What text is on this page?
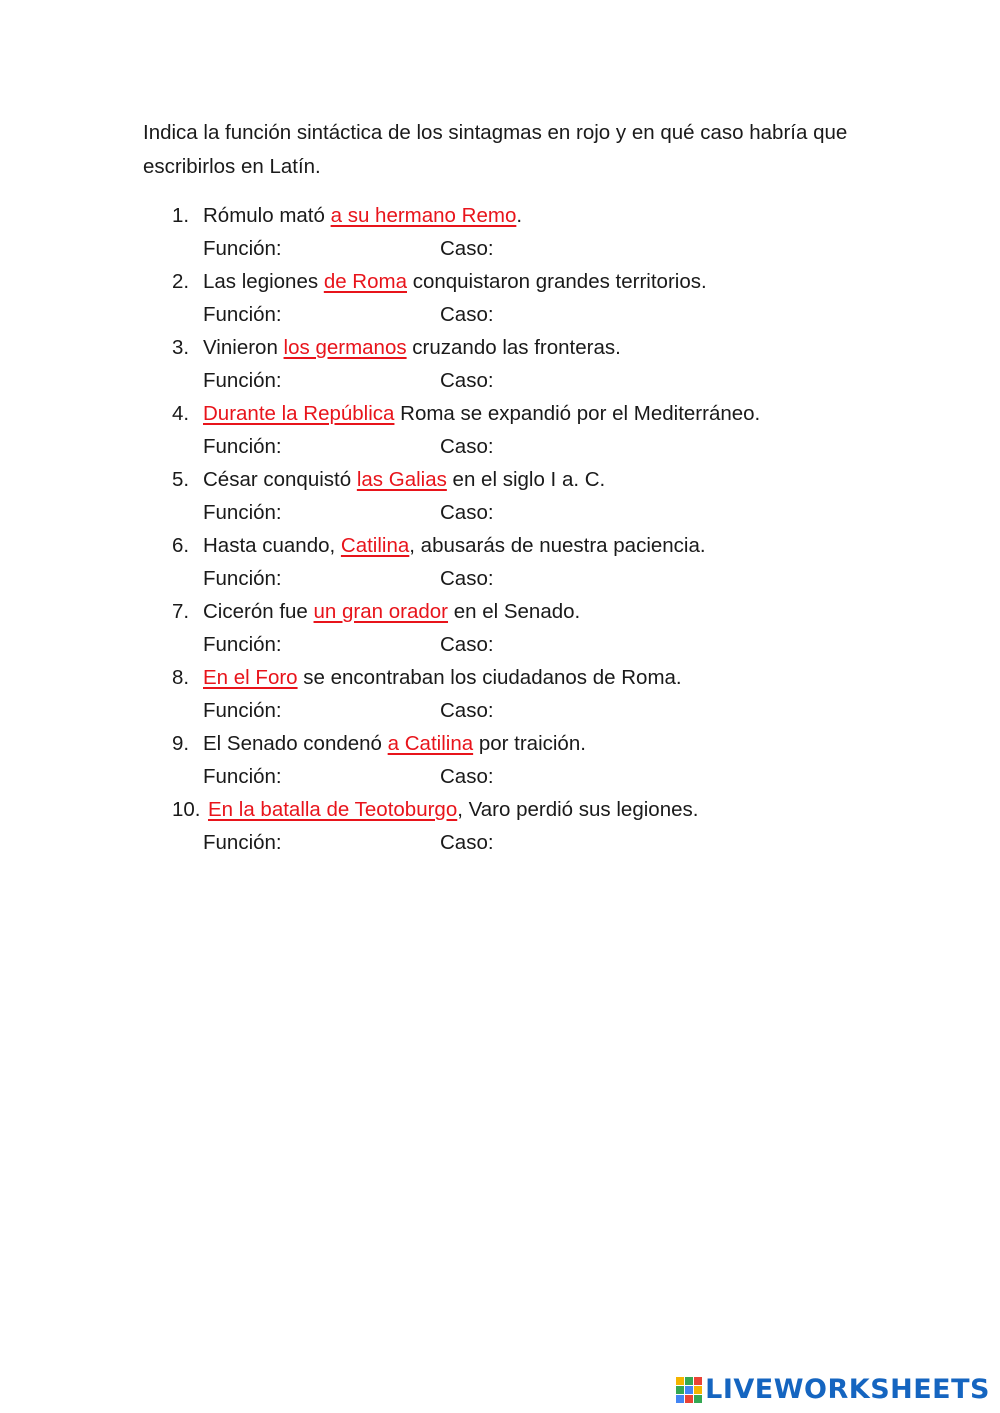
Indica la función sintáctica de los sintagmas en rojo y en qué caso habría que escribirlos en Latín.

1. Rómulo mató a su hermano Remo.
Función:	Caso:
2. Las legiones de Roma conquistaron grandes territorios.
Función:	Caso:
3. Vinieron los germanos cruzando las fronteras.
Función:	Caso:
4. Durante la República Roma se expandió por el Mediterráneo.
Función:	Caso:
5. César conquistó las Galias en el siglo I a. C.
Función:	Caso:
6. Hasta cuando, Catilina, abusarás de nuestra paciencia.
Función:	Caso:
7. Cicerón fue un gran orador en el Senado.
Función:	Caso:
8. En el Foro se encontraban los ciudadanos de Roma.
Función:	Caso:
9. El Senado condenó a Catilina por traición.
Función:	Caso:
10. En la batalla de Teotoburgo, Varo perdió sus legiones.
Función:	Caso:
LIVEWORKSHEETS
